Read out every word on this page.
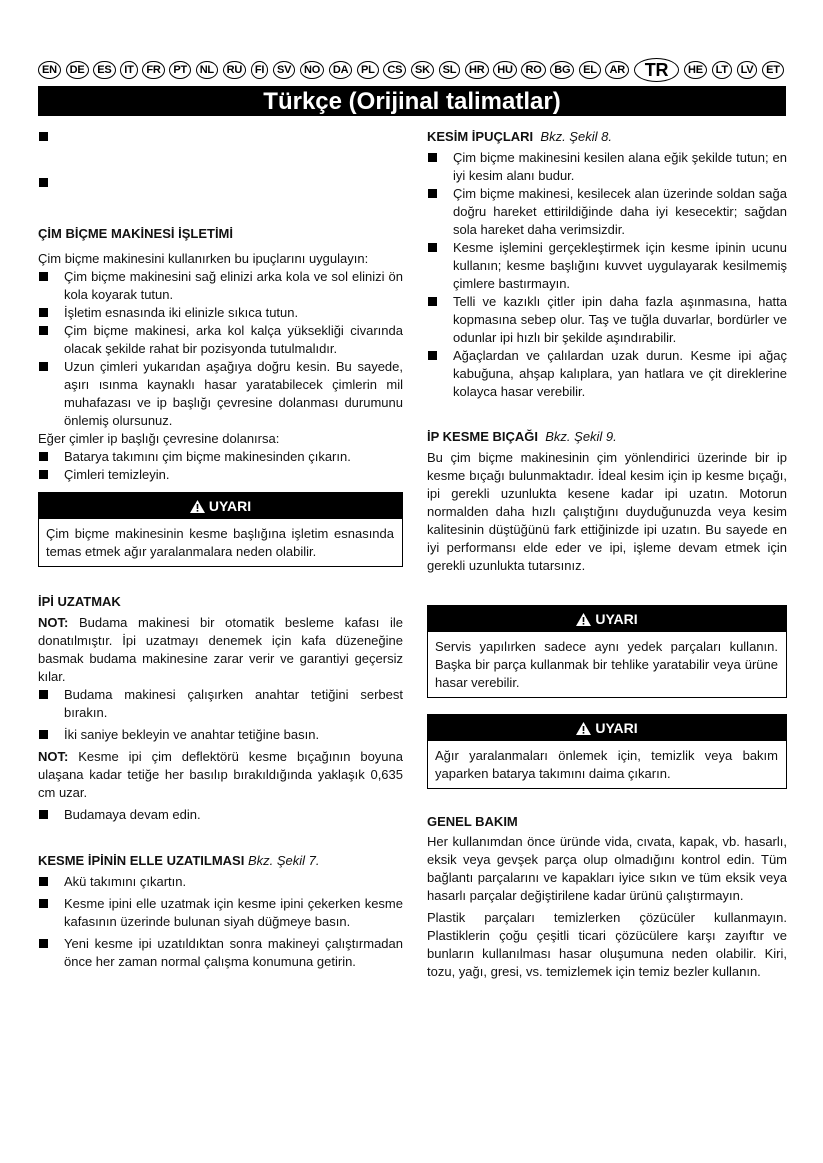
EN	DE	ES	IT	FR	PT	NL	RU	FI	SV	NO	DA	PL	CS	SK	SL	HR	HU	RO	BG	EL	AR	TR	HE	LT	LV	ET
Türkçe (Orijinal talimatlar)

ÇİM BİÇME MAKİNESİ İŞLETİMİ

Çim biçme makinesini kullanırken bu ipuçlarını uygulayın:

Çim biçme makinesini sağ elinizi arka kola ve sol elinizi ön kola koyarak tutun.
İşletim esnasında iki elinizle sıkıca tutun.
Çim biçme makinesi, arka kol kalça yüksekliği civarında olacak şekilde rahat bir pozisyonda tutulmalıdır.
Uzun çimleri yukarıdan aşağıya doğru kesin. Bu sayede, aşırı ısınma kaynaklı hasar yaratabilecek çimlerin mil muhafazası ve ip başlığı çevresine dolanması durumunu önlemiş olursunuz.

Eğer çimler ip başlığı çevresine dolanırsa:

Batarya takımını çim biçme makinesinden çıkarın.
Çimleri temizleyin.
UYARI
Çim biçme makinesinin kesme başlığına işletim esnasında temas etmek ağır yaralanmalara neden olabilir.

İPİ UZATMAK

NOT: Budama makinesi bir otomatik besleme kafası ile donatılmıştır. İpi uzatmayı denemek için kafa düzeneğine basmak budama makinesine zarar verir ve garantiyi geçersiz kılar.

Budama makinesi çalışırken anahtar tetiğini serbest bırakın.
İki saniye bekleyin ve anahtar tetiğine basın.

NOT: Kesme ipi çim deflektörü kesme bıçağının boyuna ulaşana kadar tetiğe her basılıp bırakıldığında yaklaşık 0,635 cm uzar.

Budamaya devam edin.

KESME İPİNİN ELLE UZATILMASI Bkz. Şekil 7.

Akü takımını çıkartın.
Kesme ipini elle uzatmak için kesme ipini çekerken kesme kafasının üzerinde bulunan siyah düğmeye basın.
Yeni kesme ipi uzatıldıktan sonra makineyi çalıştırmadan önce her zaman normal çalışma konumuna getirin.

KESİM İPUÇLARI Bkz. Şekil 8.

Çim biçme makinesini kesilen alana eğik şekilde tutun; en iyi kesim alanı budur.
Çim biçme makinesi, kesilecek alan üzerinde soldan sağa doğru hareket ettirildiğinde daha iyi kesecektir; sağdan sola hareket daha verimsizdir.
Kesme işlemini gerçekleştirmek için kesme ipinin ucunu kullanın; kesme başlığını kuvvet uygulayarak kesilmemiş çimlere bastırmayın.
Telli ve kazıklı çitler ipin daha fazla aşınmasına, hatta kopmasına sebep olur. Taş ve tuğla duvarlar, bordürler ve odunlar ipi hızlı bir şekilde aşındırabilir.
Ağaçlardan ve çalılardan uzak durun. Kesme ipi ağaç kabuğuna, ahşap kalıplara, yan hatlara ve çit direklerine kolayca hasar verebilir.

İP KESME BIÇAĞI Bkz. Şekil 9.

Bu çim biçme makinesinin çim yönlendirici üzerinde bir ip kesme bıçağı bulunmaktadır. İdeal kesim için ip kesme bıçağı, ipi gerekli uzunlukta kesene kadar ipi uzatın. Motorun normalden daha hızlı çalıştığını duyduğunuzda veya kesim kalitesinin düştüğünü fark ettiğinizde ipi uzatın. Bu sayede en iyi performansı elde eder ve ipi, işleme devam etmek için gerekli uzunlukta tutarsınız.

UYARI
Servis yapılırken sadece aynı yedek parçaları kullanın. Başka bir parça kullanmak bir tehlike yaratabilir veya ürüne hasar verebilir.
UYARI
Ağır yaralanmaları önlemek için, temizlik veya bakım yaparken batarya takımını daima çıkarın.

GENEL BAKIM

Her kullanımdan önce üründe vida, cıvata, kapak, vb. hasarlı, eksik veya gevşek parça olup olmadığını kontrol edin. Tüm bağlantı parçalarını ve kapakları iyice sıkın ve tüm eksik veya hasarlı parçalar değiştirilene kadar ürünü çalıştırmayın.

Plastik parçaları temizlerken çözücüler kullanmayın. Plastiklerin çoğu çeşitli ticari çözücülere karşı zayıftır ve bunların kullanılması hasar oluşumuna neden olabilir. Kiri, tozu, yağı, gresi, vs. temizlemek için temiz bezler kullanın.
